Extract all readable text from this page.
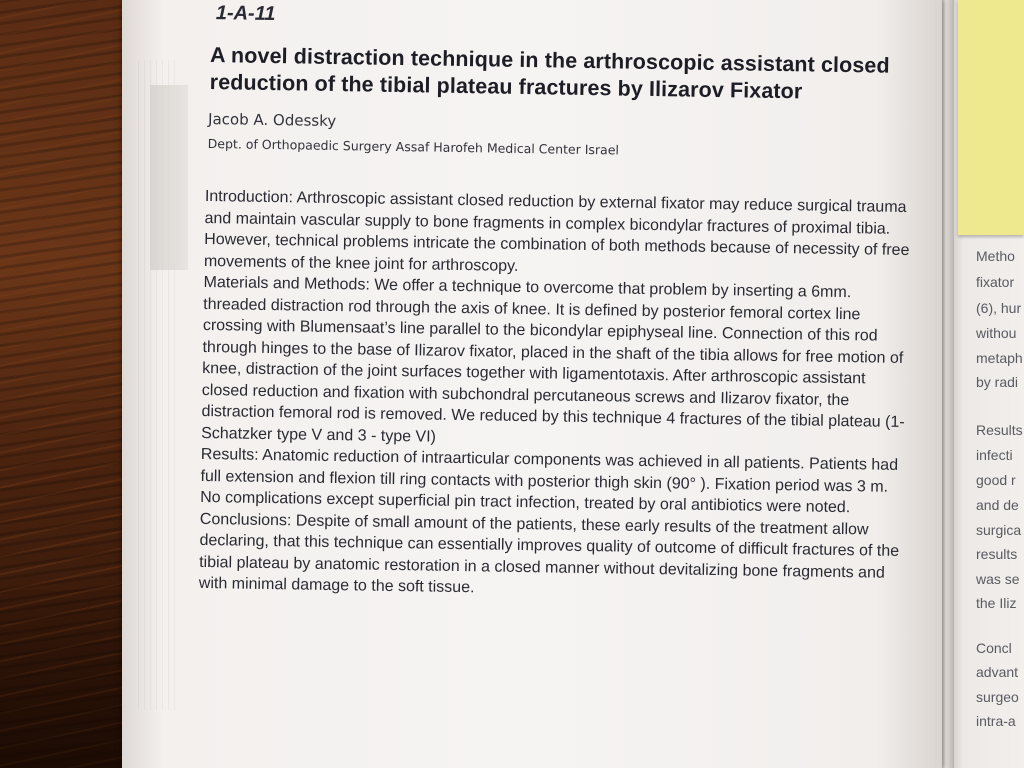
Metho
fixator
(6), hur
withou
metaph
by radi
Results
infecti
good r
and de
surgica
results
was se
the Iliz
Concl
advant
surgeo
intra-a
1-A-11
A novel distraction technique in the arthroscopic assistant closed reduction of the tibial plateau fractures by Ilizarov Fixator
Jacob A. Odessky
Dept. of Orthopaedic Surgery Assaf Harofeh Medical Center Israel

Introduction: Arthroscopic assistant closed reduction by external fixator may reduce surgical trauma and maintain vascular supply to bone fragments in complex bicondylar fractures of proximal tibia. However, technical problems intricate the combination of both methods because of necessity of free movements of the knee joint for arthroscopy.

Materials and Methods: We offer a technique to overcome that problem by inserting a 6mm. threaded distraction rod through the axis of knee. It is defined by posterior femoral cortex line crossing with Blumensaat’s line parallel to the bicondylar epiphyseal line. Connection of this rod through hinges to the base of Ilizarov fixator, placed in the shaft of the tibia allows for free motion of knee, distraction of the joint surfaces together with ligamentotaxis. After arthroscopic assistant closed reduction and fixation with subchondral percutaneous screws and Ilizarov fixator, the distraction femoral rod is removed. We reduced by this technique 4 fractures of the tibial plateau (1- Schatzker type V and 3 - type VI)

Results: Anatomic reduction of intraarticular components was achieved in all patients. Patients had full extension and flexion till ring contacts with posterior thigh skin (90° ). Fixation period was 3 m. No complications except superficial pin tract infection, treated by oral antibiotics were noted.

Conclusions: Despite of small amount of the patients, these early results of the treatment allow declaring, that this technique can essentially improves quality of outcome of difficult fractures of the tibial plateau by anatomic restoration in a closed manner without devitalizing bone fragments and with minimal damage to the soft tissue.
